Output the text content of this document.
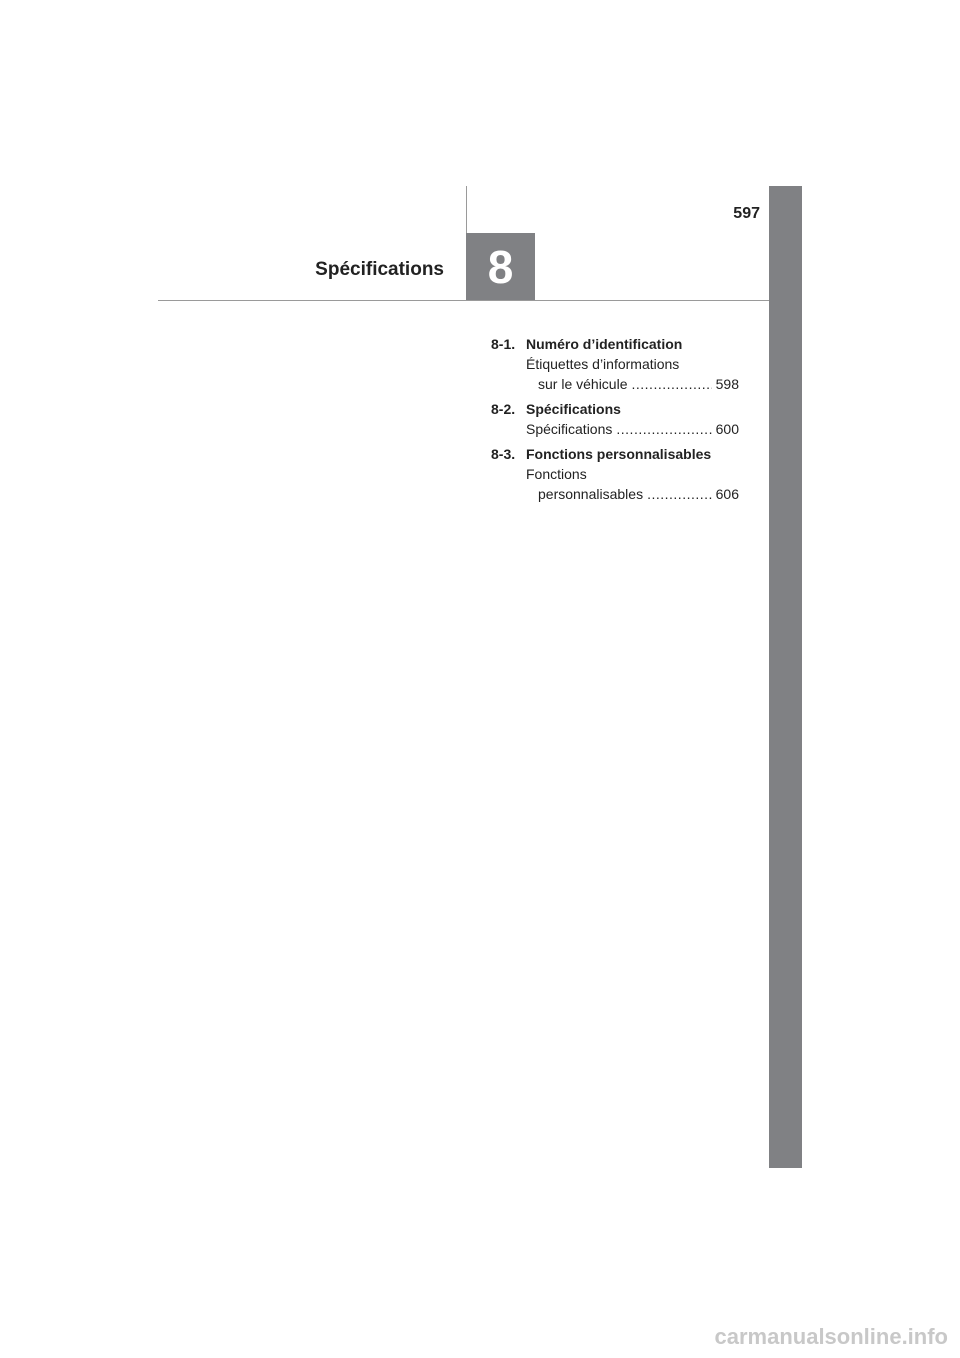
597
Spécifications 8
8-1. Numéro d’identification
Étiquettes d’informations
sur le véhicule .....	598
8-2. Spécifications
Spécifications .....	600
8-3. Fonctions personnalisables
Fonctions
personnalisables .....	606
carmanualsonline.info
